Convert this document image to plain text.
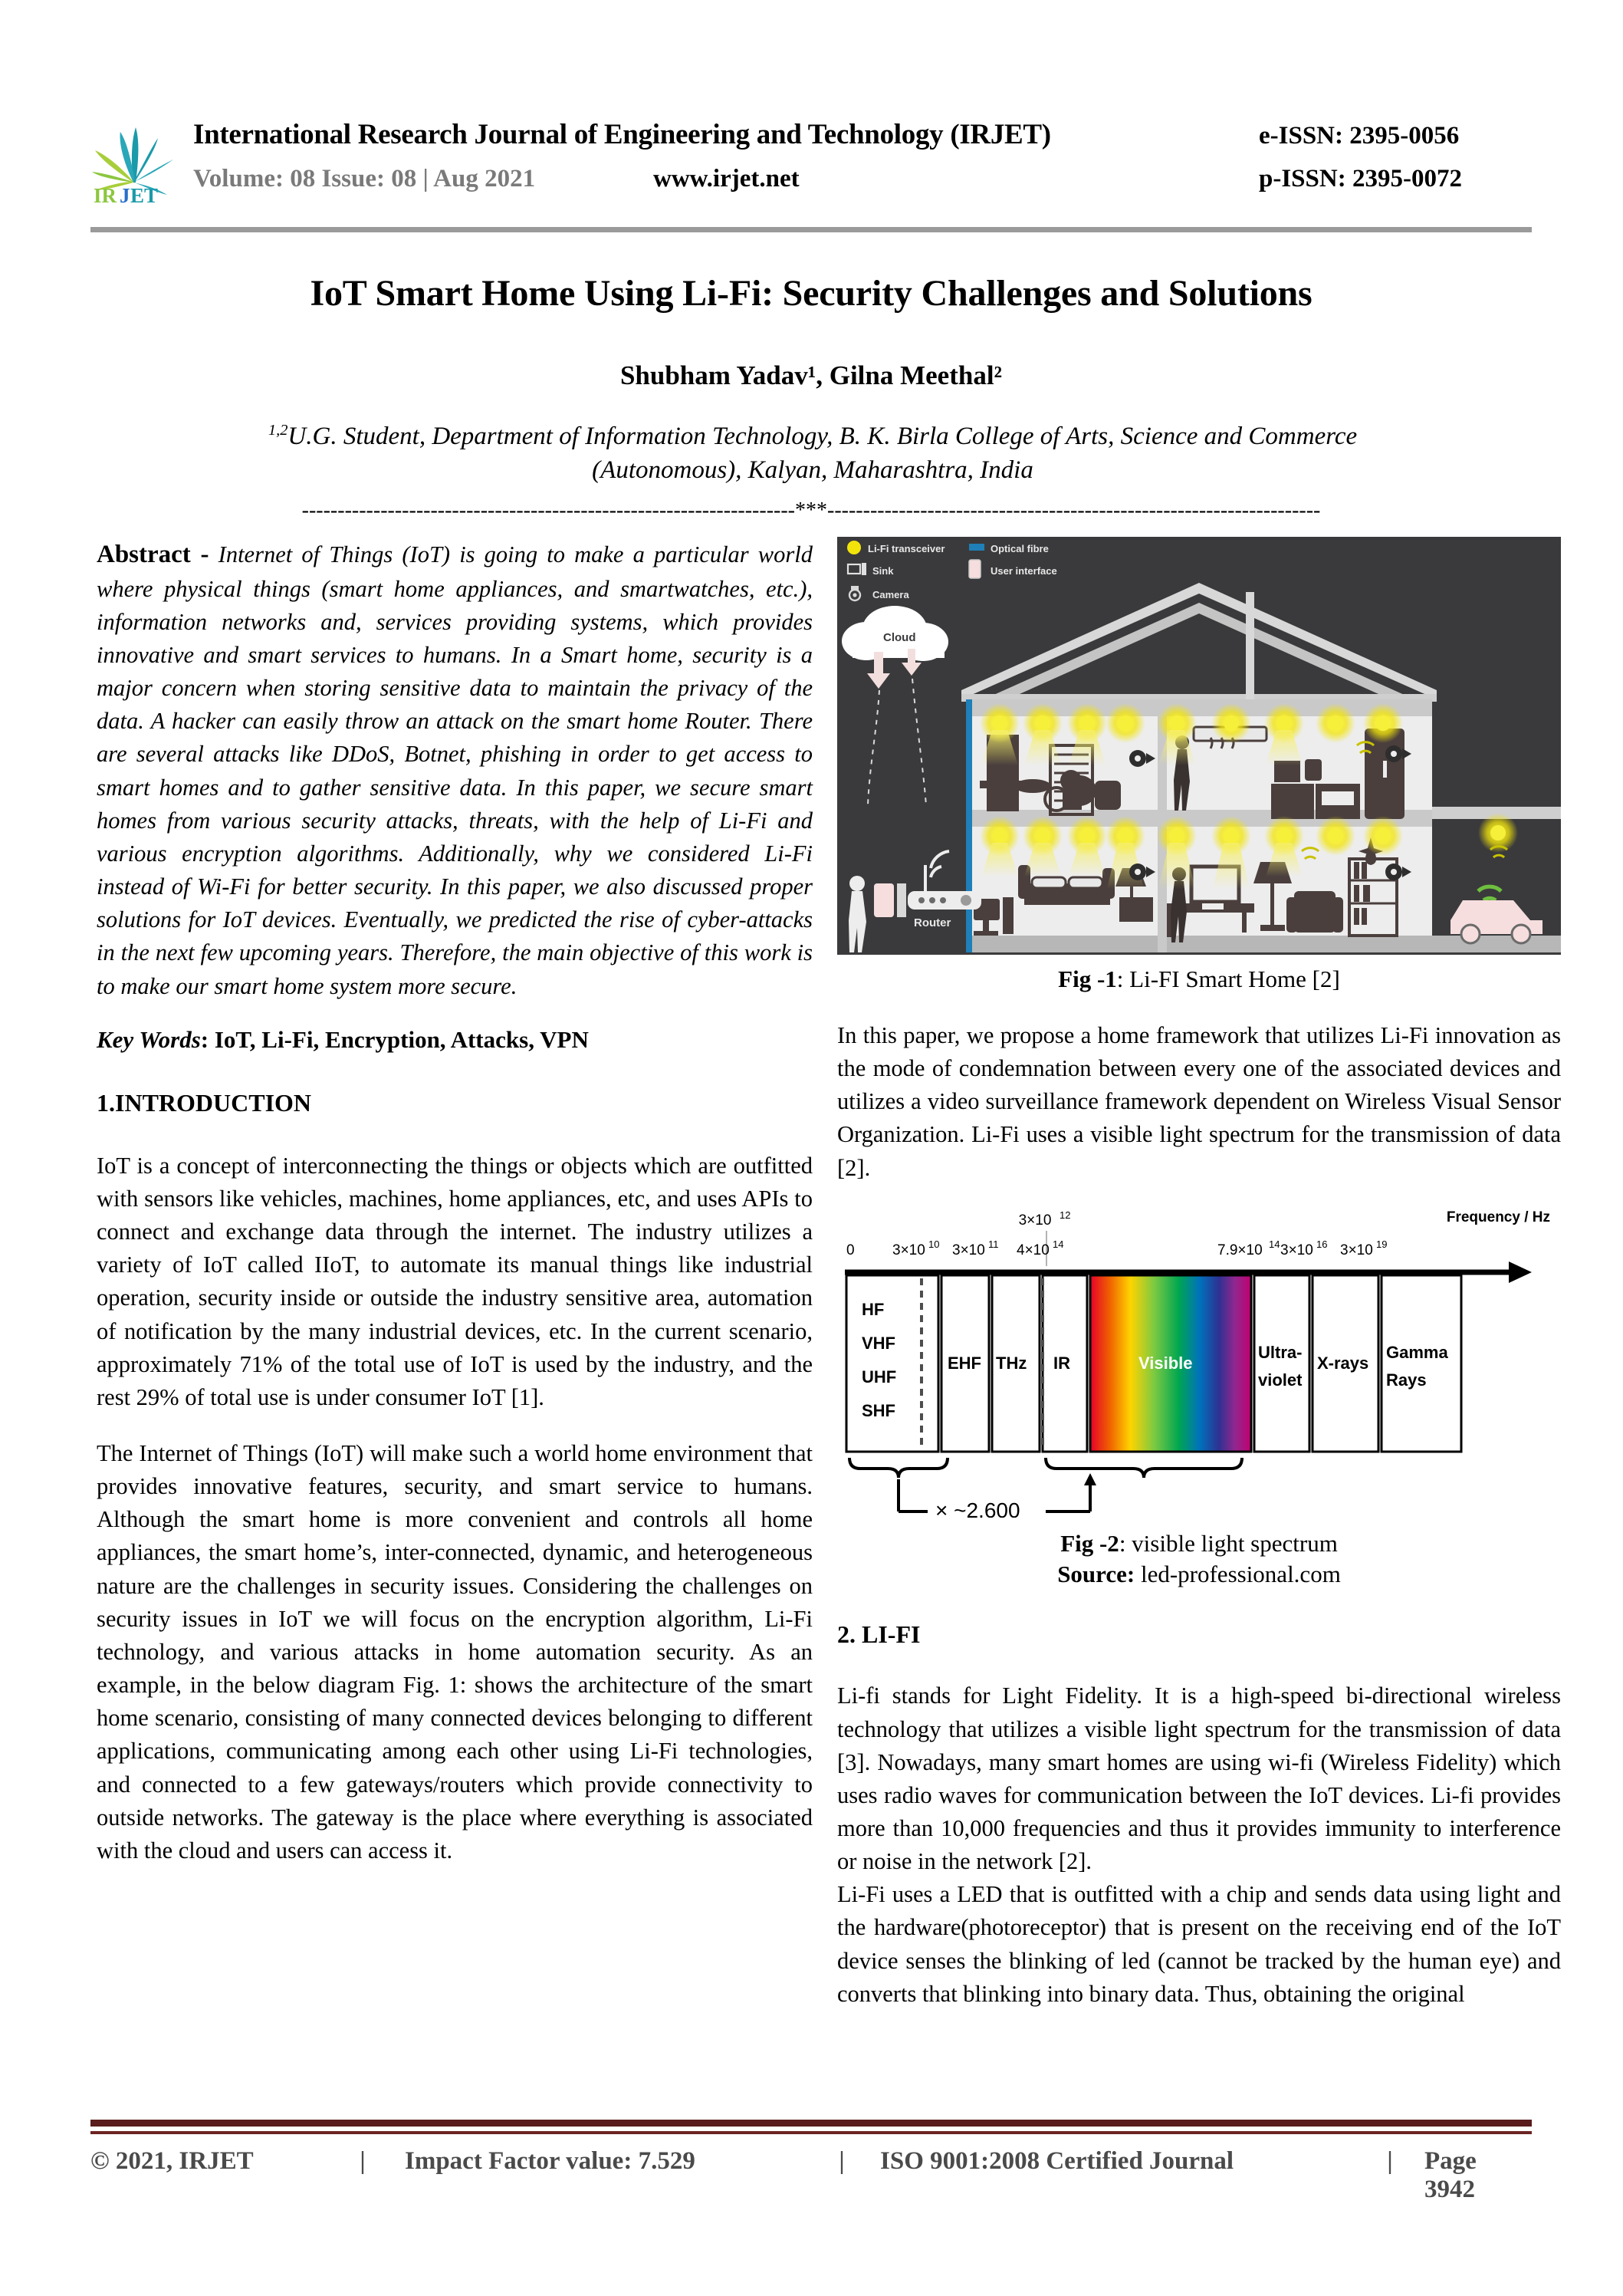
IR J ET
International Research Journal of Engineering and Technology (IRJET)	e-ISSN: 2395-0056
Volume: 08 Issue: 08 | Aug 2021	www.irjet.net	p-ISSN: 2395-0072
IoT Smart Home Using Li-Fi: Security Challenges and Solutions
Shubham Yadav¹, Gilna Meethal²
$^{1,2}$U.G. Student, Department of Information Technology, B. K. Birla College of Arts, Science and Commerce
(Autonomous), Kalyan, Maharashtra, India
---------------------------------------------------------------------***---------------------------------------------------------------------

Abstract - Internet of Things (IoT) is going to make a particular world where physical things (smart home appliances, and smartwatches, etc.), information networks and, services providing systems, which provides innovative and smart services to humans. In a Smart home, security is a major concern when storing sensitive data to maintain the privacy of the data. A hacker can easily throw an attack on the smart home Router. There are several attacks like DDoS, Botnet, phishing in order to get access to smart homes and to gather sensitive data. In this paper, we secure smart homes from various security attacks, threats, with the help of Li-Fi and various encryption algorithms. Additionally, why we considered Li-Fi instead of Wi-Fi for better security. In this paper, we also discussed proper solutions for IoT devices. Eventually, we predicted the rise of cyber-attacks in the next few upcoming years. Therefore, the main objective of this work is to make our smart home system more secure.

Key Words: IoT, Li-Fi, Encryption, Attacks, VPN
1.INTRODUCTION

IoT is a concept of interconnecting the things or objects which are outfitted with sensors like vehicles, machines, home appliances, etc, and uses APIs to connect and exchange data through the internet. The industry utilizes a variety of IoT called IIoT, to automate its manual things like industrial operation, security inside or outside the industry sensitive area, automation of notification by the many industrial devices, etc. In the current scenario, approximately 71% of the total use of IoT is used by the industry, and the rest 29% of total use is under consumer IoT [1].

The Internet of Things (IoT) will make such a world home environment that provides innovative features, security, and smart service to humans. Although the smart home is more convenient and controls all home appliances, the smart home’s, inter-connected, dynamic, and heterogeneous nature are the challenges in security issues. Considering the challenges on security issues in IoT we will focus on the encryption algorithm, Li-Fi technology, and various attacks in home automation security. As an example, in the below diagram Fig. 1: shows the architecture of the smart home scenario, consisting of many connected devices belonging to different applications, communicating among each other using Li-Fi technologies, and connected to a few gateways/routers which provide connectivity to outside networks. The gateway is the place where everything is associated with the cloud and users can access it.

Li-Fi transceiver	Optical fibre
Sink	User interface
Camera
Cloud
Router
Fig -1: Li-FI Smart Home [2]

In this paper, we propose a home framework that utilizes Li-Fi innovation as the mode of condemnation between every one of the associated devices and utilizes a video surveillance framework dependent on Wireless Visual Sensor Organization. Li-Fi uses a visible light spectrum for the transmission of data [2].

Frequency / Hz
3×10 12
0	3×10 10 3×10 11 4×10 14	7.9×10 14 3×10 16 3×10 19
HF
VHF
UHF
SHF
EHF THz IR	Visible
Ultra-
violet
X-rays
Gamma
Rays
× ~2,600
Fig -2: visible light spectrum
Source: led-professional.com
2. LI-FI

Li-fi stands for Light Fidelity. It is a high-speed bi-directional wireless technology that utilizes a visible light spectrum for the transmission of data [3]. Nowadays, many smart homes are using wi-fi (Wireless Fidelity) which uses radio waves for communication between the IoT devices. Li-fi provides more than 10,000 frequencies and thus it provides immunity to interference or noise in the network [2].

Li-Fi uses a LED that is outfitted with a chip and sends data using light and the hardware(photoreceptor) that is present on the receiving end of the IoT device senses the blinking of led (cannot be tracked by the human eye) and converts that blinking into binary data. Thus, obtaining the original

© 2021, IRJET	|	Impact Factor value: 7.529	|	ISO 9001:2008 Certified Journal	|	Page 3942
